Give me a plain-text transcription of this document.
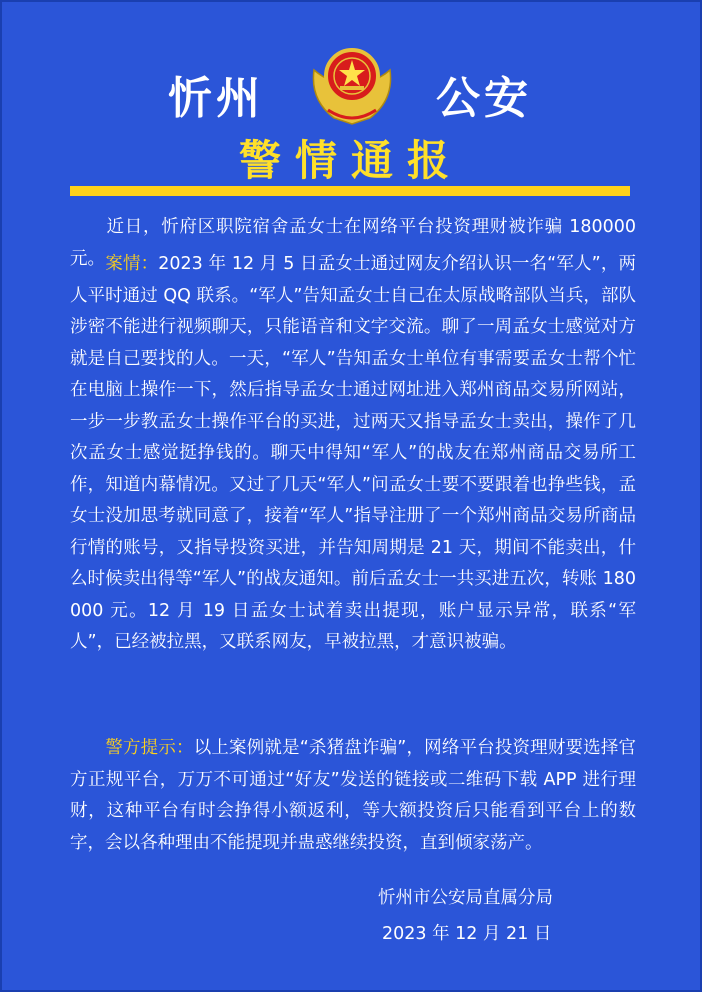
忻州	公安
警情通报
　　近日，忻府区职院宿舍孟女士在网络平台投资理财被诈骗 180000 元。
　　 案情：2023 年 12 月 5 日孟女士通过网友介绍认识一名“军人”，两人平时通过 QQ 联系。“军人”告知孟女士自己在太原战略部队当兵，部队涉密不能进行视频聊天，只能语音和文字交流。聊了一周孟女士感觉对方就是自己要找的人。一天，“军人”告知孟女士单位有事需要孟女士帮个忙在电脑上操作一下，然后指导孟女士通过网址进入郑州商品交易所网站，一步一步教孟女士操作平台的买进，过两天又指导孟女士卖出，操作了几次孟女士感觉挺挣钱的。聊天中得知“军人”的战友在郑州商品交易所工作，知道内幕情况。又过了几天“军人”问孟女士要不要跟着也挣些钱，孟女士没加思考就同意了，接着“军人”指导注册了一个郑州商品交易所商品行情的账号，又指导投资买进，并告知周期是 21 天，期间不能卖出，什么时候卖出得等“军人”的战友通知。前后孟女士一共买进五次，转账 180000 元。12 月 19 日孟女士试着卖出提现，账户显示异常，联系“军人”，已经被拉黑，又联系网友，早被拉黑，才意识被骗。
　　警方提示：以上案例就是“杀猪盘诈骗”，网络平台投资理财要选择官方正规平台，万万不可通过“好友”发送的链接或二维码下载 APP 进行理财，这种平台有时会挣得小额返利，等大额投资后只能看到平台上的数字，会以各种理由不能提现并蛊惑继续投资，直到倾家荡产。
忻州市公安局直属分局
2023 年 12 月 21 日
